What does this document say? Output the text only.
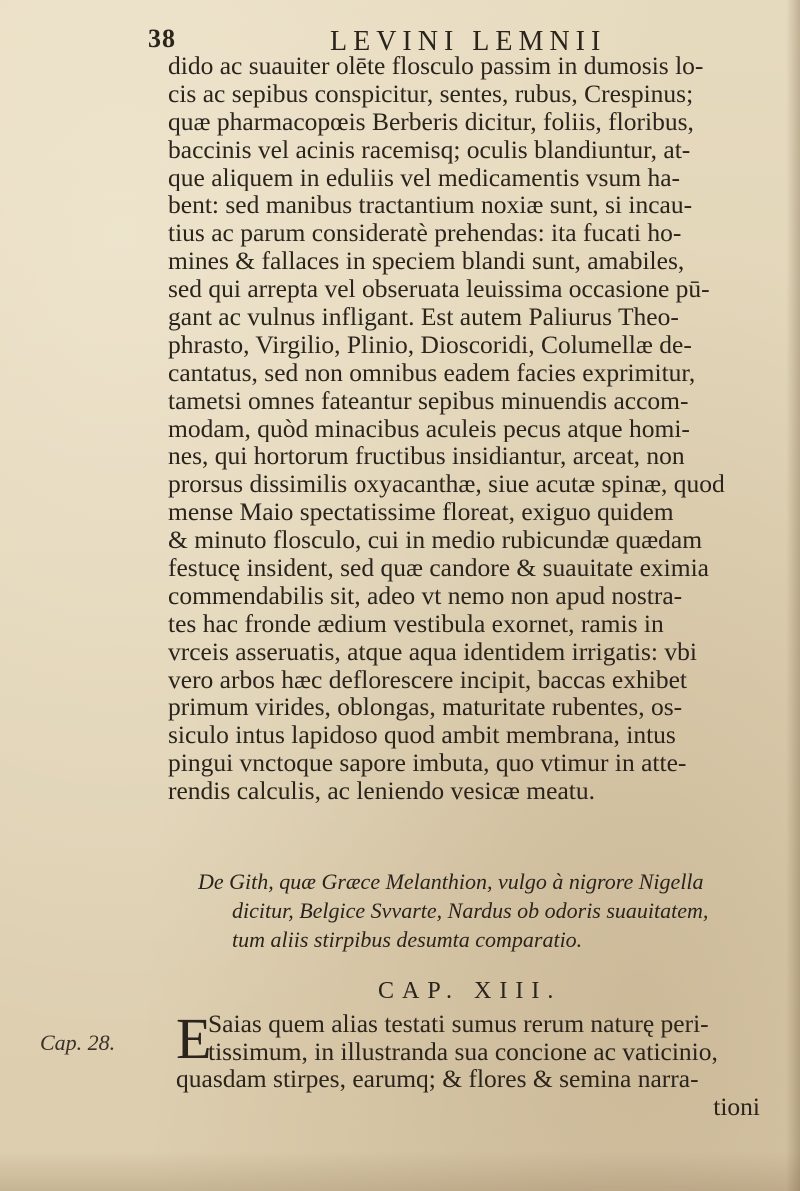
38	LEVINI LEMNII
dido ac suauiter olēte flosculo passim in dumosis lo-
cis ac sepibus conspicitur, sentes, rubus, Crespinus;
quæ pharmacopœis Berberis dicitur, foliis, floribus,
baccinis vel acinis racemisq; oculis blandiuntur, at-
que aliquem in eduliis vel medicamentis vsum ha-
bent: sed manibus tractantium noxiæ sunt, si incau-
tius ac parum consideratè prehendas: ita fucati ho-
mines & fallaces in speciem blandi sunt, amabiles,
sed qui arrepta vel obseruata leuissima occasione pū-
gant ac vulnus infligant. Est autem Paliurus Theo-
phrasto, Virgilio, Plinio, Dioscoridi, Columellæ de-
cantatus, sed non omnibus eadem facies exprimitur,
tametsi omnes fateantur sepibus minuendis accom-
modam, quòd minacibus aculeis pecus atque homi-
nes, qui hortorum fructibus insidiantur, arceat, non
prorsus dissimilis oxyacanthæ, siue acutæ spinæ, quod
mense Maio spectatissime floreat, exiguo quidem
& minuto flosculo, cui in medio rubicundæ quædam
festucę insident, sed quæ candore & suauitate eximia
commendabilis sit, adeo vt nemo non apud nostra-
tes hac fronde ædium vestibula exornet, ramis in
vrceis asseruatis, atque aqua identidem irrigatis: vbi
vero arbos hæc deflorescere incipit, baccas exhibet
primum virides, oblongas, maturitate rubentes, os-
siculo intus lapidoso quod ambit membrana, intus
pingui vnctoque sapore imbuta, quo vtimur in atte-
rendis calculis, ac leniendo vesicæ meatu.
De Gith, quæ Græce Melanthion, vulgo à nigrore Nigella
dicitur, Belgice Svvarte, Nardus ob odoris suauitatem,
tum aliis stirpibus desumta comparatio.
CAP. XIII.
E
Saias quem alias testati sumus rerum naturę peri-
tissimum, in illustranda sua concione ac vaticinio,
quasdam stirpes, earumq; & flores & semina narra-
tioni
Cap. 28.
